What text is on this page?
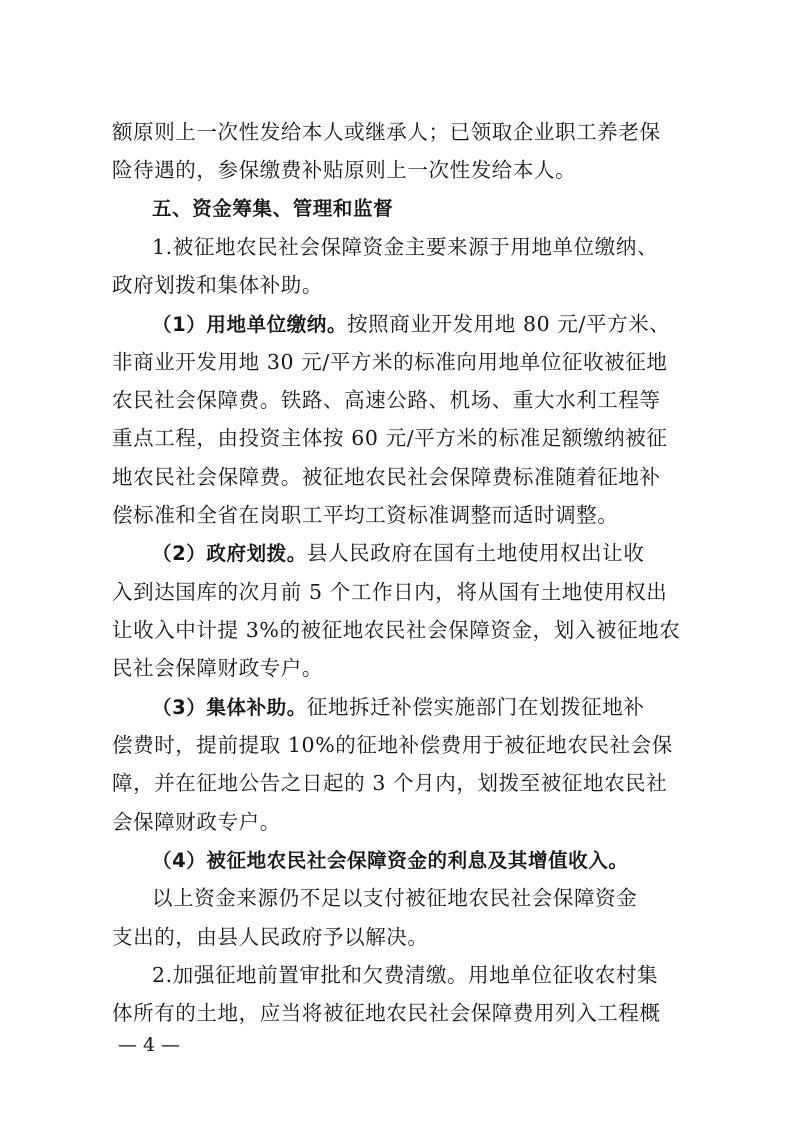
额原则上一次性发给本人或继承人；已领取企业职工养老保
险待遇的，参保缴费补贴原则上一次性发给本人。
五、资金筹集、管理和监督
1.被征地农民社会保障资金主要来源于用地单位缴纳、
政府划拨和集体补助。
（1）用地单位缴纳。按照商业开发用地 80 元/平方米、
非商业开发用地 30 元/平方米的标准向用地单位征收被征地
农民社会保障费。铁路、高速公路、机场、重大水利工程等
重点工程，由投资主体按 60 元/平方米的标准足额缴纳被征
地农民社会保障费。被征地农民社会保障费标准随着征地补
偿标准和全省在岗职工平均工资标准调整而适时调整。
（2）政府划拨。县人民政府在国有土地使用权出让收
入到达国库的次月前 5 个工作日内，将从国有土地使用权出
让收入中计提 3%的被征地农民社会保障资金，划入被征地农
民社会保障财政专户。
（3）集体补助。征地拆迁补偿实施部门在划拨征地补
偿费时，提前提取 10%的征地补偿费用于被征地农民社会保
障，并在征地公告之日起的 3 个月内，划拨至被征地农民社
会保障财政专户。
（4）被征地农民社会保障资金的利息及其增值收入。
以上资金来源仍不足以支付被征地农民社会保障资金
支出的，由县人民政府予以解决。
2.加强征地前置审批和欠费清缴。用地单位征收农村集
体所有的土地，应当将被征地农民社会保障费用列入工程概
— 4 —
